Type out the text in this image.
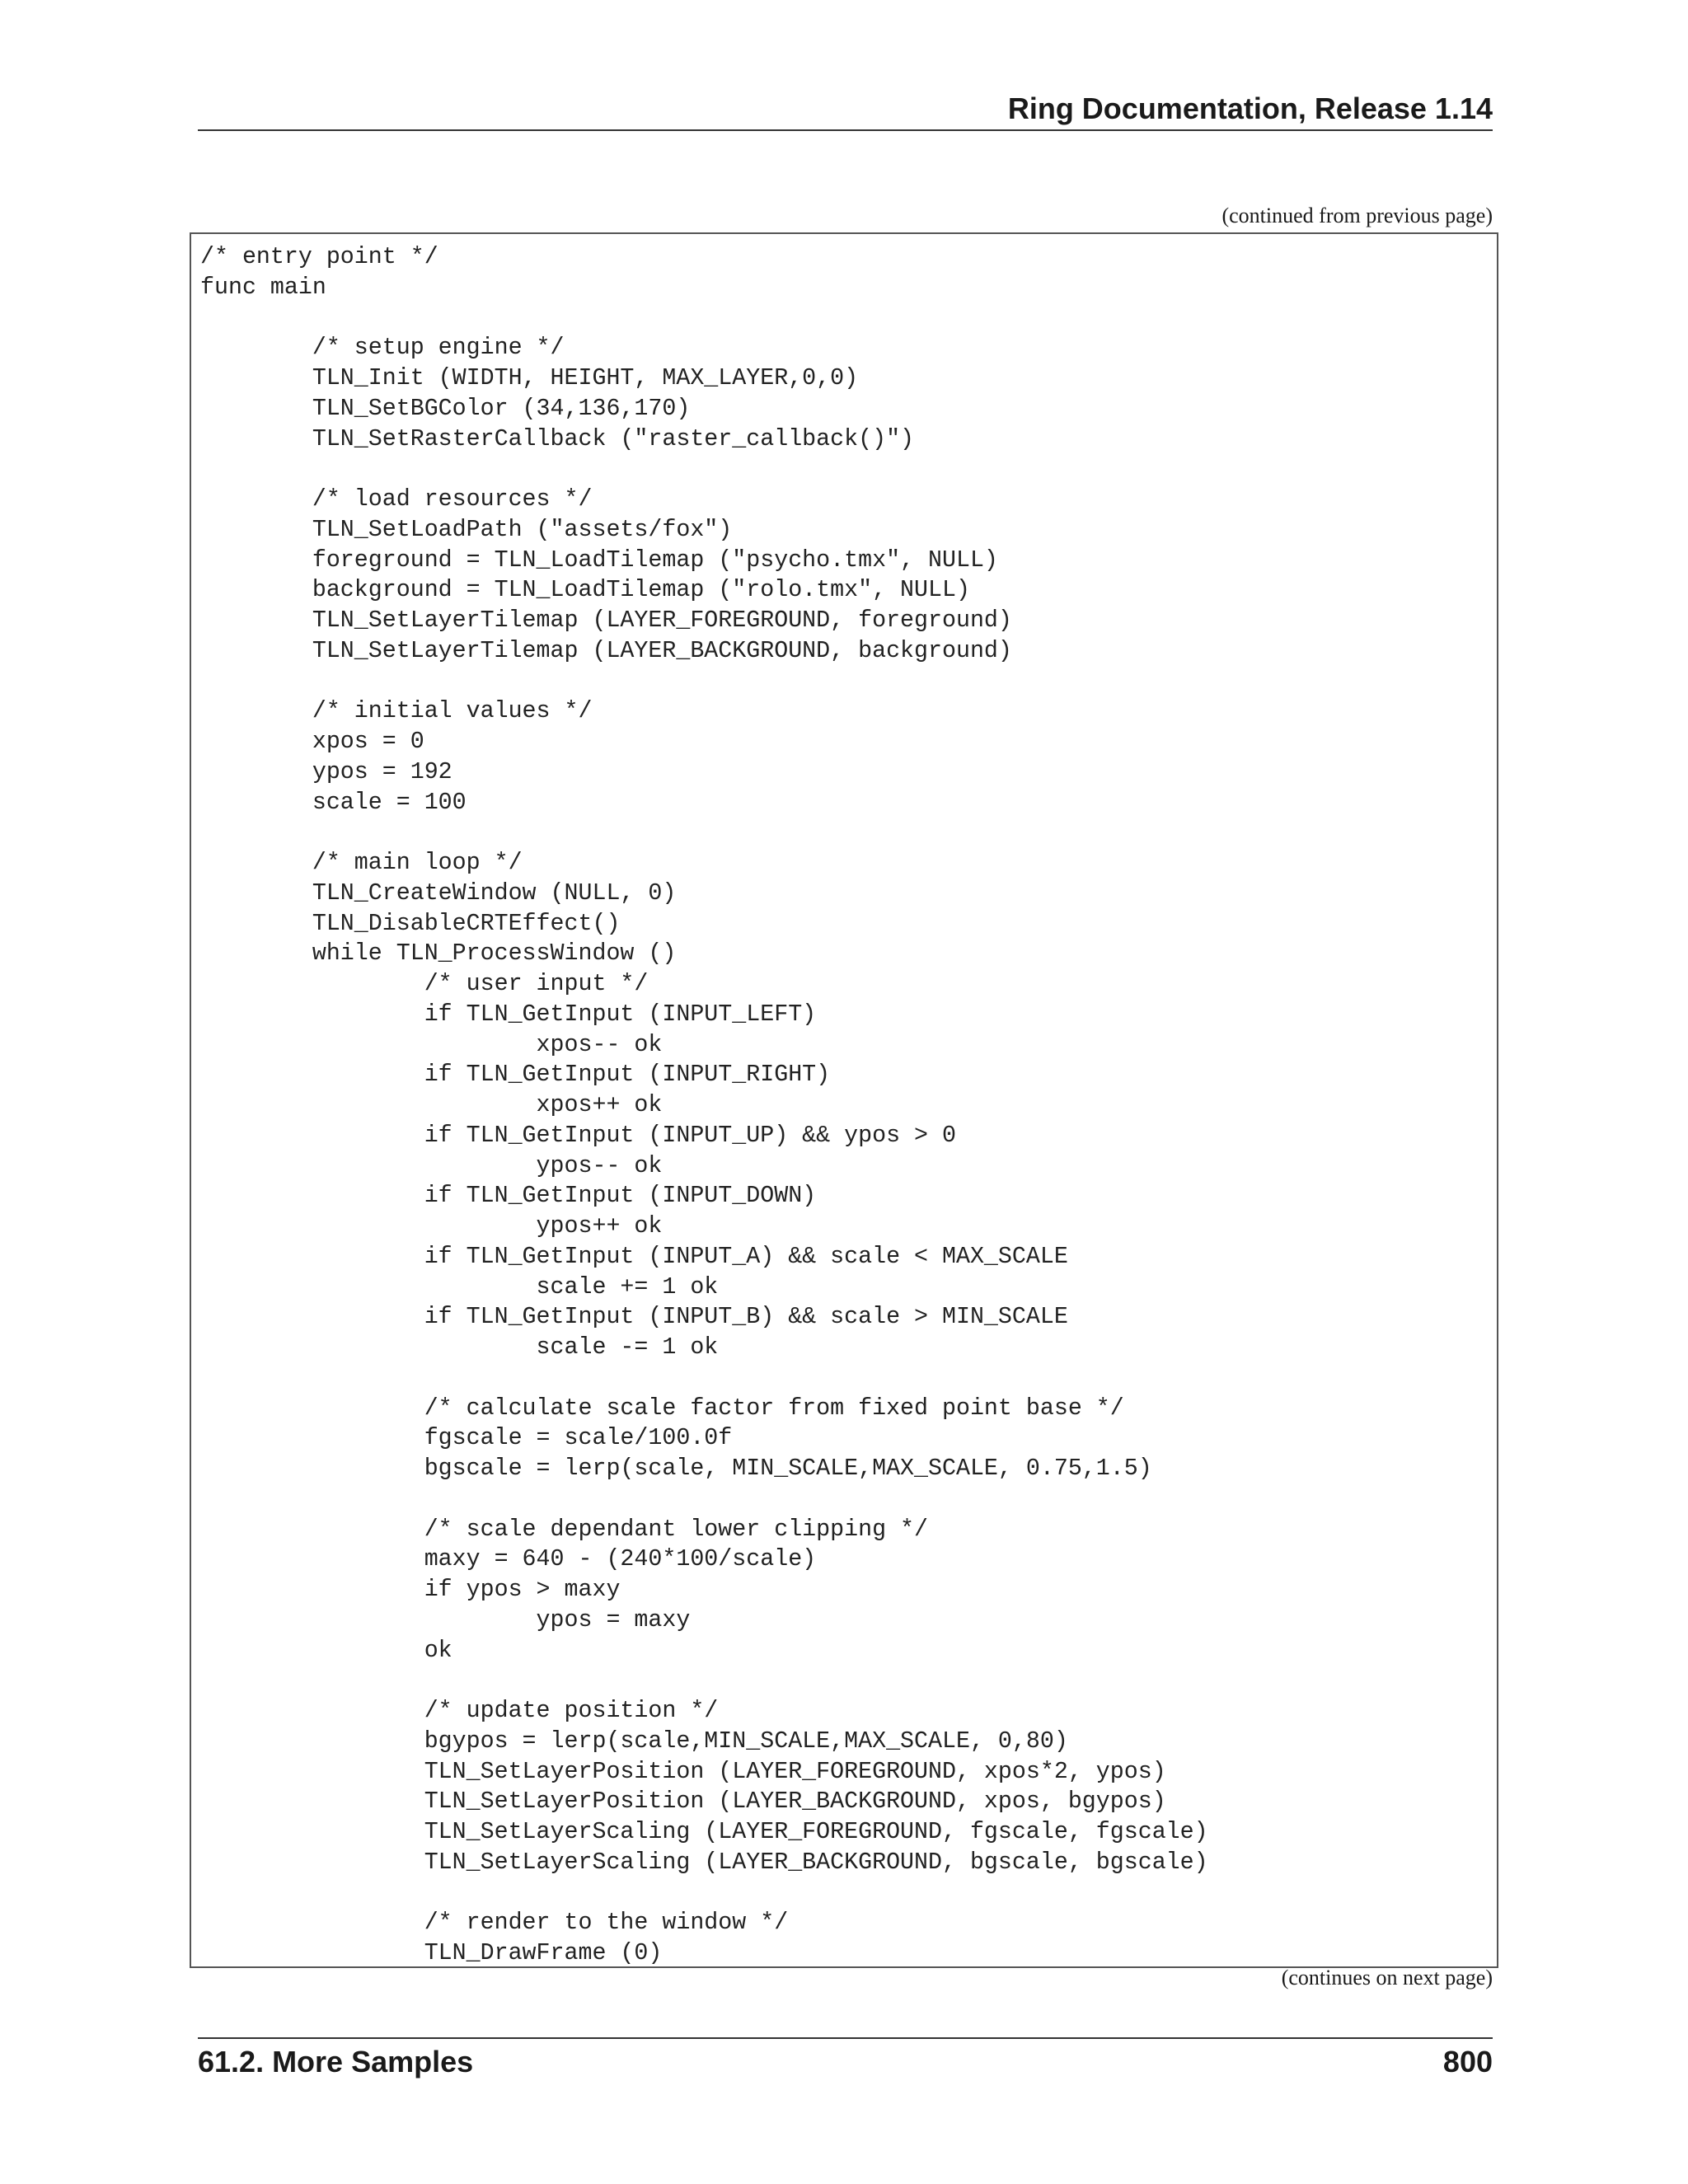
Ring Documentation, Release 1.14
(continued from previous page)
/* entry point */
func main
/* setup engine */
TLN_Init (WIDTH, HEIGHT, MAX_LAYER,0,0)
TLN_SetBGColor (34,136,170)
TLN_SetRasterCallback ("raster_callback()")
/* load resources */
TLN_SetLoadPath ("assets/fox")
foreground = TLN_LoadTilemap ("psycho.tmx", NULL)
background = TLN_LoadTilemap ("rolo.tmx", NULL)
TLN_SetLayerTilemap (LAYER_FOREGROUND, foreground)
TLN_SetLayerTilemap (LAYER_BACKGROUND, background)
/* initial values */
xpos = 0
ypos = 192
scale = 100
/* main loop */
TLN_CreateWindow (NULL, 0)
TLN_DisableCRTEffect()
while TLN_ProcessWindow ()
/* user input */
if TLN_GetInput (INPUT_LEFT)
xpos-- ok
if TLN_GetInput (INPUT_RIGHT)
xpos++ ok
if TLN_GetInput (INPUT_UP) && ypos > 0
ypos-- ok
if TLN_GetInput (INPUT_DOWN)
ypos++ ok
if TLN_GetInput (INPUT_A) && scale < MAX_SCALE
scale += 1 ok
if TLN_GetInput (INPUT_B) && scale > MIN_SCALE
scale -= 1 ok
/* calculate scale factor from fixed point base */
fgscale = scale/100.0f
bgscale = lerp(scale, MIN_SCALE,MAX_SCALE, 0.75,1.5)
/* scale dependant lower clipping */
maxy = 640 - (240*100/scale)
if ypos > maxy
ypos = maxy
ok
/* update position */
bgypos = lerp(scale,MIN_SCALE,MAX_SCALE, 0,80)
TLN_SetLayerPosition (LAYER_FOREGROUND, xpos*2, ypos)
TLN_SetLayerPosition (LAYER_BACKGROUND, xpos, bgypos)
TLN_SetLayerScaling (LAYER_FOREGROUND, fgscale, fgscale)
TLN_SetLayerScaling (LAYER_BACKGROUND, bgscale, bgscale)
/* render to the window */
TLN_DrawFrame (0)
(continues on next page)
61.2. More Samples	800
